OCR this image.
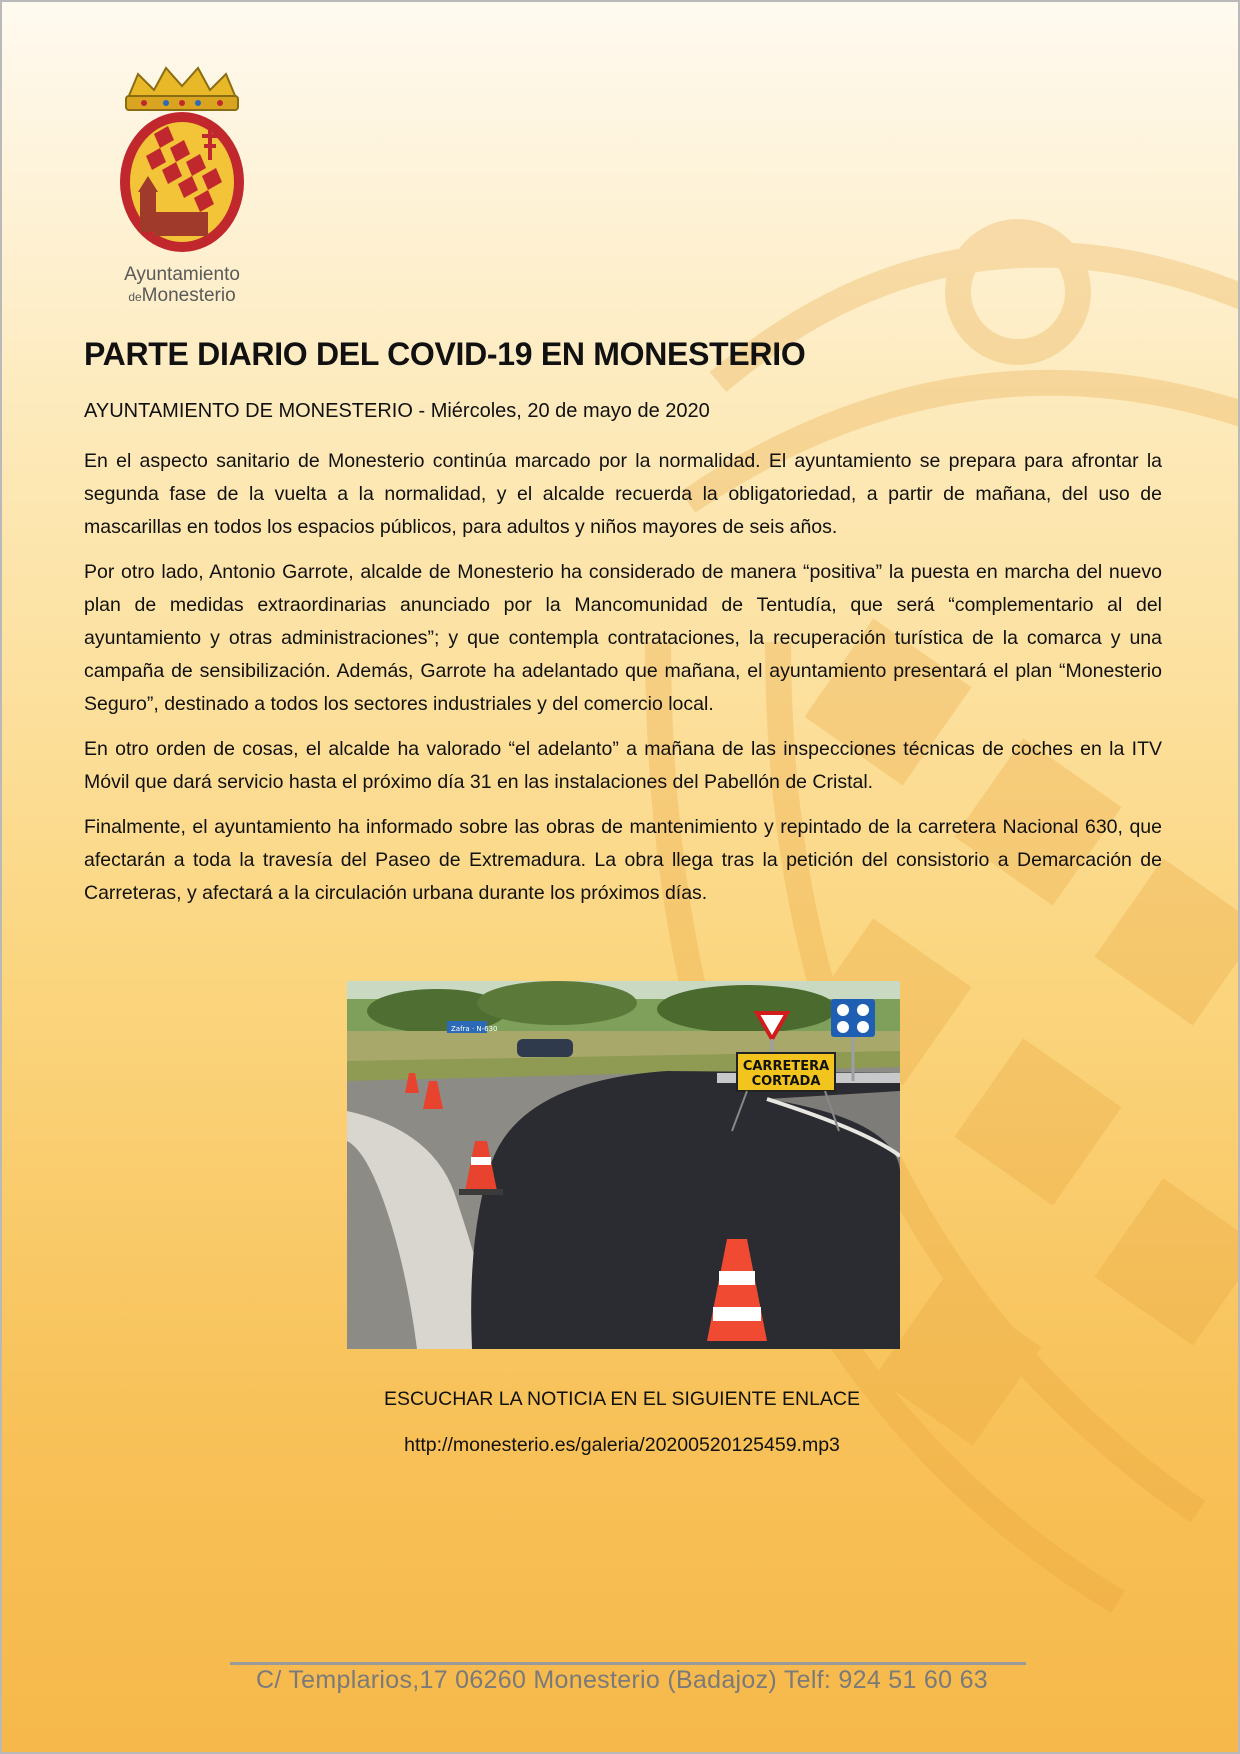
Ayuntamiento
deMonesterio
PARTE DIARIO DEL COVID-19 EN MONESTERIO

AYUNTAMIENTO DE MONESTERIO - Miércoles, 20 de mayo de 2020

En el aspecto sanitario de Monesterio continúa marcado por la normalidad. El ayuntamiento se prepara para afrontar la segunda fase de la vuelta a la normalidad, y el alcalde recuerda la obligatoriedad, a partir de mañana, del uso de mascarillas en todos los espacios públicos, para adultos y niños mayores de seis años.

Por otro lado, Antonio Garrote, alcalde de Monesterio ha considerado de manera “positiva” la puesta en marcha del nuevo plan de medidas extraordinarias anunciado por la Mancomunidad de Tentudía, que será “complementario al del ayuntamiento y otras administraciones”; y que contempla contrataciones, la recuperación turística de la comarca y una campaña de sensibilización. Además, Garrote ha adelantado que mañana, el ayuntamiento presentará el plan “Monesterio Seguro”, destinado a todos los sectores industriales y del comercio local.

En otro orden de cosas, el alcalde ha valorado “el adelanto” a mañana de las inspecciones técnicas de coches en la ITV Móvil que dará servicio hasta el próximo día 31 en las instalaciones del Pabellón de Cristal.

Finalmente, el ayuntamiento ha informado sobre las obras de mantenimiento y repintado de la carretera Nacional 630, que afectarán a toda la travesía del Paseo de Extremadura. La obra llega tras la petición del consistorio a Demarcación de Carreteras, y afectará a la circulación urbana durante los próximos días.

Zafra · N-630
CARRETERA
CORTADA
ESCUCHAR LA NOTICIA EN EL SIGUIENTE ENLACE
http://monesterio.es/galeria/20200520125459.mp3
C/ Templarios,17 06260 Monesterio (Badajoz) Telf: 924 51 60 63
